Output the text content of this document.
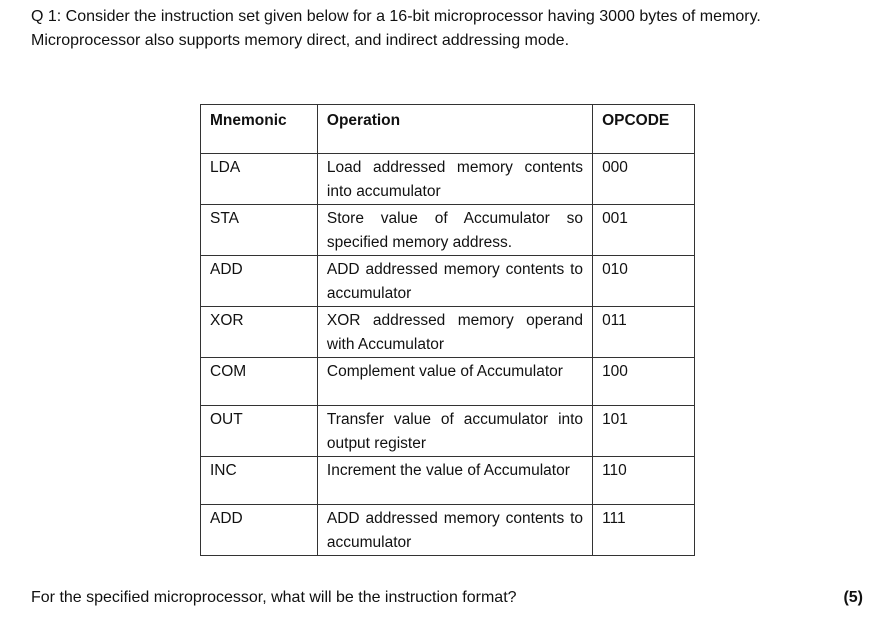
Q 1: Consider the instruction set given below for a 16-bit microprocessor having 3000 bytes of memory.

Microprocessor also supports memory direct, and indirect addressing mode.

Mnemonic	Operation	OPCODE
LDA	Load addressed memory contents into accumulator	000
STA	Store value of Accumulator so specified memory address.	001
ADD	ADD addressed memory contents to accumulator	010
XOR	XOR addressed memory operand with Accumulator	011
COM	Complement value of Accumulator	100
OUT	Transfer value of accumulator into output register	101
INC	Increment the value of Accumulator	110
ADD	ADD addressed memory contents to accumulator	111
For the specified microprocessor, what will be the instruction format?	(5)
